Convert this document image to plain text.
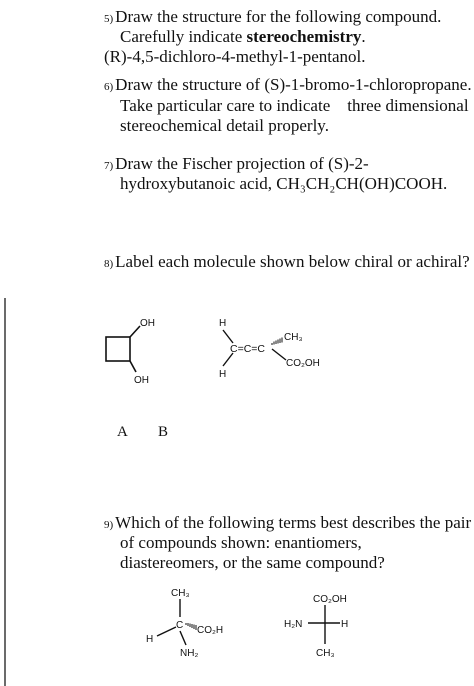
5) Draw the structure for the following compound.
Carefully indicate stereochemistry.
(R)-4,5-dichloro-4-methyl-1-pentanol.
6) Draw the structure of (S)-1-bromo-1-chloropropane.
Take particular care to indicate    three dimensional
stereochemical detail properly.
7) Draw the Fischer projection of (S)-2-
hydroxybutanoic acid, CH₃CH₂CH(OH)COOH.
8) Label each molecule shown below chiral or achiral?
OH
OH
H
H
C=C=C
CH₃
CO₂OH
CH₃
C
H
CO₂H
NH₂
CO₂OH
H₂N	H
CH₃
A B
9) Which of the following terms best describes the pair
of compounds shown: enantiomers,
diastereomers, or the same compound?
